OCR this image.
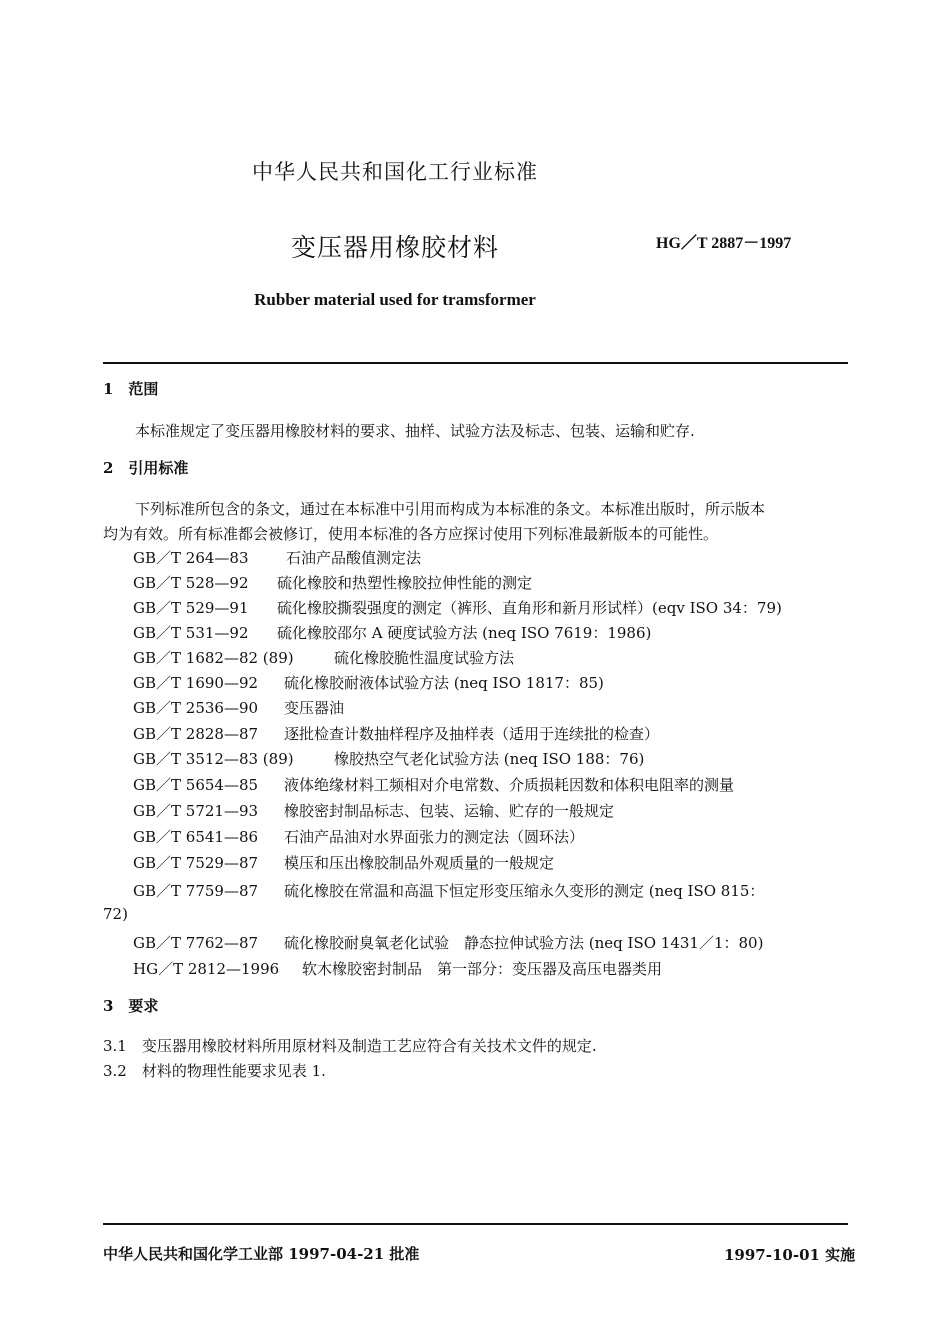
中华人民共和国化工行业标准
变压器用橡胶材料	HG／T 2887－1997
Rubber material used for tramsformer
1　范围
本标准规定了变压器用橡胶材料的要求、抽样、试验方法及标志、包装、运输和贮存.
2　引用标准
下列标准所包含的条文，通过在本标准中引用而构成为本标准的条文。本标准出版时，所示版本
均为有效。所有标准都会被修订，使用本标准的各方应探讨使用下列标准最新版本的可能性。
GB／T 264—83	石油产品酸值测定法
GB／T 528—92 硫化橡胶和热塑性橡胶拉伸性能的测定
GB／T 529—91 硫化橡胶撕裂强度的测定（裤形、直角形和新月形试样）(eqv ISO 34：79)
GB／T 531—92 硫化橡胶邵尔 A 硬度试验方法 (neq ISO 7619：1986)
GB／T 1682—82 (89)	硫化橡胶脆性温度试验方法
GB／T 1690—92 硫化橡胶耐液体试验方法 (neq ISO 1817：85)
GB／T 2536—90 变压器油
GB／T 2828—87 逐批检查计数抽样程序及抽样表（适用于连续批的检查）
GB／T 3512—83 (89)	橡胶热空气老化试验方法 (neq ISO 188：76)
GB／T 5654—85 液体绝缘材料工频相对介电常数、介质损耗因数和体积电阻率的测量
GB／T 5721—93 橡胶密封制品标志、包装、运输、贮存的一般规定
GB／T 6541—86 石油产品油对水界面张力的测定法（圆环法）
GB／T 7529—87 模压和压出橡胶制品外观质量的一般规定
GB／T 7759—87 硫化橡胶在常温和高温下恒定形变压缩永久变形的测定 (neq ISO 815：
72)
GB／T 7762—87 硫化橡胶耐臭氧老化试验　静态拉伸试验方法 (neq ISO 1431／1：80)
HG／T 2812—1996 软木橡胶密封制品　第一部分：变压器及高压电器类用
3　要求
3.1　变压器用橡胶材料所用原材料及制造工艺应符合有关技术文件的规定.
3.2　材料的物理性能要求见表 1.
中华人民共和国化学工业部 1997-04-21 批准	1997-10-01 实施
